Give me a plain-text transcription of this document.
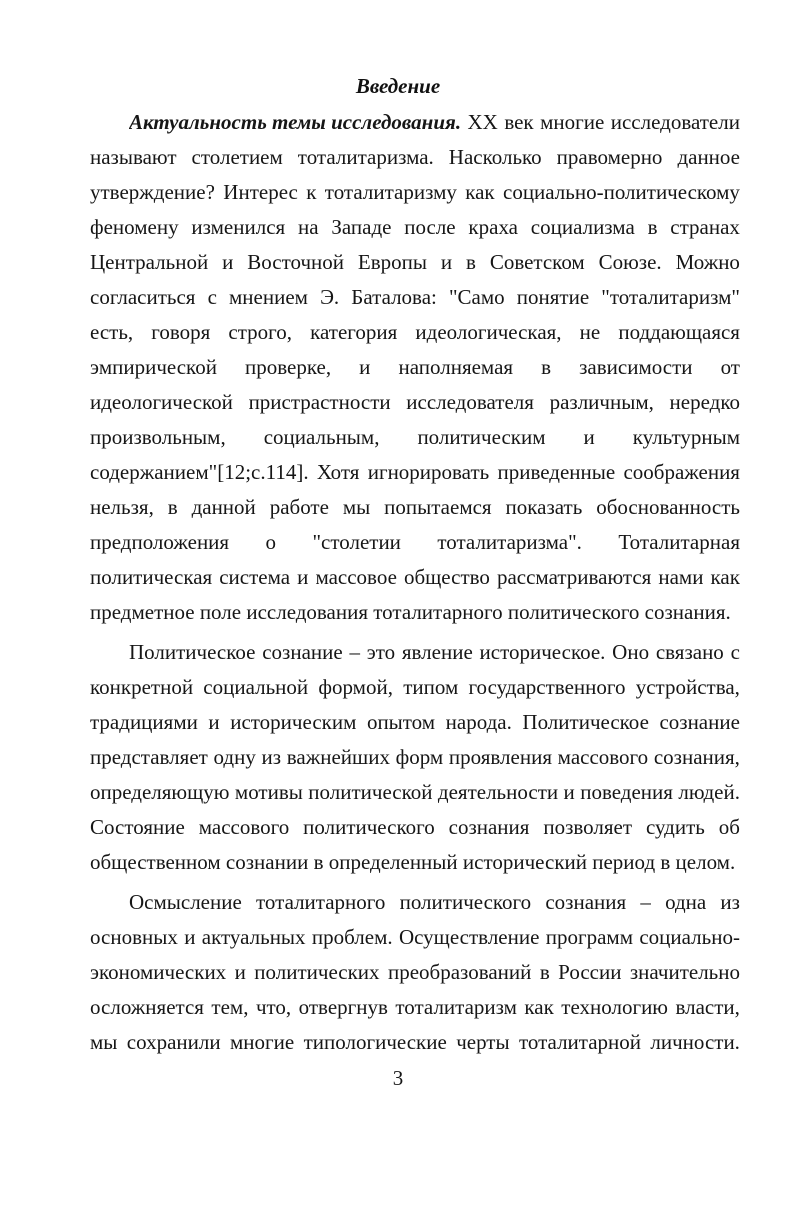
Введение
Актуальность темы исследования. XX век многие исследователи
называют столетием тоталитаризма. Насколько правомерно данное
утверждение? Интерес к тоталитаризму как социально-политическому
феномену изменился на Западе после краха социализма в странах
Центральной и Восточной Европы и в Советском Союзе. Можно
согласиться с мнением Э. Баталова: "Само понятие "тоталитаризм"
есть, говоря строго, категория идеологическая, не поддающаяся
эмпирической проверке, и наполняемая в зависимости от
идеологической пристрастности исследователя различным, нередко
произвольным, социальным, политическим и культурным
содержанием"[12;с.114]. Хотя игнорировать приведенные соображения
нельзя, в данной работе мы попытаемся показать обоснованность
предположения о "столетии тоталитаризма". Тоталитарная
политическая система и массовое общество рассматриваются нами как
предметное поле исследования тоталитарного политического сознания.
Политическое сознание – это явление историческое. Оно связано с
конкретной социальной формой, типом государственного устройства,
традициями и историческим опытом народа. Политическое сознание
представляет одну из важнейших форм проявления массового сознания,
определяющую мотивы политической деятельности и поведения людей.
Состояние массового политического сознания позволяет судить об
общественном сознании в определенный исторический период в целом.
Осмысление тоталитарного политического сознания – одна из
основных и актуальных проблем. Осуществление программ социально-
экономических и политических преобразований в России значительно
осложняется тем, что, отвергнув тоталитаризм как технологию власти,
мы сохранили многие типологические черты тоталитарной личности.
3
